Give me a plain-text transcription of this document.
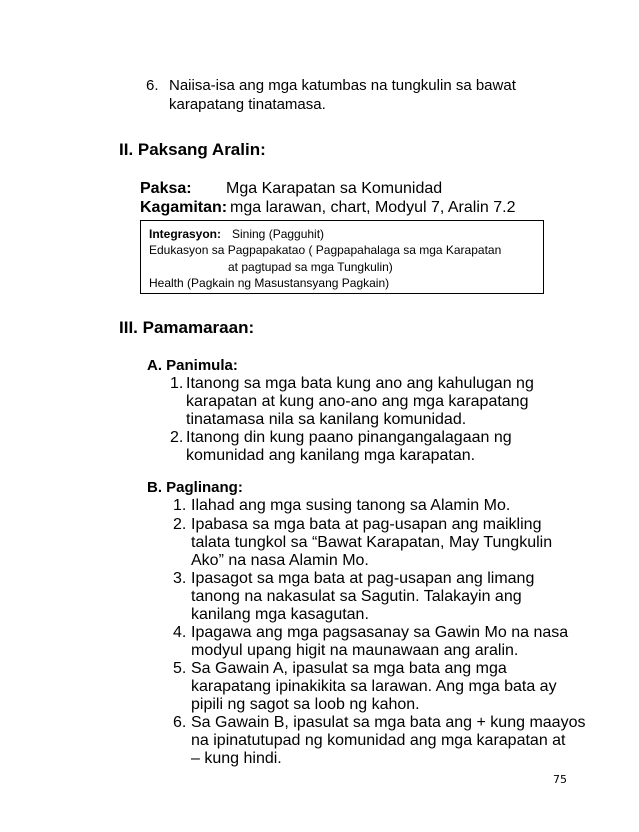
6. Naiisa-isa ang mga katumbas na tungkulin sa bawat
karapatang tinatamasa.
II. Paksang Aralin:
Paksa: Mga Karapatan sa Komunidad
Kagamitan: mga larawan, chart, Modyul 7, Aralin 7.2
Integrasyon: Sining (Pagguhit)
Edukasyon sa Pagpapakatao ( Pagpapahalaga sa mga Karapatan
at pagtupad sa mga Tungkulin)
Health (Pagkain ng Masustansyang Pagkain)
III. Pamamaraan:
A. Panimula:
1. Itanong sa mga bata kung ano ang kahulugan ng
karapatan at kung ano-ano ang mga karapatang
tinatamasa nila sa kanilang komunidad.
2. Itanong din kung paano pinangangalagaan ng
komunidad ang kanilang mga karapatan.
B. Paglinang:
1. Ilahad ang mga susing tanong sa Alamin Mo.
2. Ipabasa sa mga bata at pag-usapan ang maikling
talata tungkol sa “Bawat Karapatan, May Tungkulin
Ako” na nasa Alamin Mo.
3. Ipasagot sa mga bata at pag-usapan ang limang
tanong na nakasulat sa Sagutin. Talakayin ang
kanilang mga kasagutan.
4. Ipagawa ang mga pagsasanay sa Gawin Mo na nasa
modyul upang higit na maunawaan ang aralin.
5. Sa Gawain A, ipasulat sa mga bata ang mga
karapatang ipinakikita sa larawan. Ang mga bata ay
pipili ng sagot sa loob ng kahon.
6. Sa Gawain B, ipasulat sa mga bata ang + kung maayos
na ipinatutupad ng komunidad ang mga karapatan at
– kung hindi.
75
